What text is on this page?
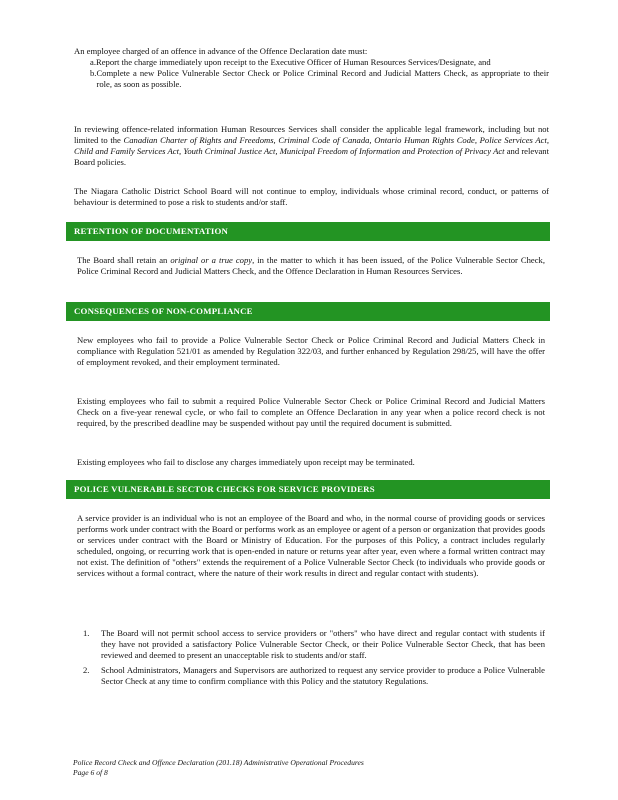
An employee charged of an offence in advance of the Offence Declaration date must:

a. Report the charge immediately upon receipt to the Executive Officer of Human Resources Services/Designate, and
b. Complete a new Police Vulnerable Sector Check or Police Criminal Record and Judicial Matters Check, as appropriate to their role, as soon as possible.

In reviewing offence-related information Human Resources Services shall consider the applicable legal framework, including but not limited to the Canadian Charter of Rights and Freedoms, Criminal Code of Canada, Ontario Human Rights Code, Police Services Act, Child and Family Services Act, Youth Criminal Justice Act, Municipal Freedom of Information and Protection of Privacy Act and relevant Board policies.

The Niagara Catholic District School Board will not continue to employ, individuals whose criminal record, conduct, or patterns of behaviour is determined to pose a risk to students and/or staff.

RETENTION OF DOCUMENTATION

The Board shall retain an original or a true copy, in the matter to which it has been issued, of the Police Vulnerable Sector Check, Police Criminal Record and Judicial Matters Check, and the Offence Declaration in Human Resources Services.

CONSEQUENCES OF NON-COMPLIANCE

New employees who fail to provide a Police Vulnerable Sector Check or Police Criminal Record and Judicial Matters Check in compliance with Regulation 521/01 as amended by Regulation 322/03, and further enhanced by Regulation 298/25, will have the offer of employment revoked, and their employment terminated.

Existing employees who fail to submit a required Police Vulnerable Sector Check or Police Criminal Record and Judicial Matters Check on a five-year renewal cycle, or who fail to complete an Offence Declaration in any year when a police record check is not required, by the prescribed deadline may be suspended without pay until the required document is submitted.

Existing employees who fail to disclose any charges immediately upon receipt may be terminated.

POLICE VULNERABLE SECTOR CHECKS FOR SERVICE PROVIDERS

A service provider is an individual who is not an employee of the Board and who, in the normal course of providing goods or services performs work under contract with the Board or performs work as an employee or agent of a person or organization that provides goods or services under contract with the Board or Ministry of Education. For the purposes of this Policy, a contract includes regularly scheduled, ongoing, or recurring work that is open-ended in nature or returns year after year, even where a formal written contract may not exist. The definition of "others" extends the requirement of a Police Vulnerable Sector Check (to individuals who provide goods or services without a formal contract, where the nature of their work results in direct and regular contact with students).

1.	The Board will not permit school access to service providers or "others" who have direct and regular contact with students if they have not provided a satisfactory Police Vulnerable Sector Check, or their Police Vulnerable Sector Check, that has been reviewed and deemed to present an unacceptable risk to students and/or staff.
2.	School Administrators, Managers and Supervisors are authorized to request any service provider to produce a Police Vulnerable Sector Check at any time to confirm compliance with this Policy and the statutory Regulations.
Police Record Check and Offence Declaration (201.18) Administrative Operational Procedures
Page 6 of 8
